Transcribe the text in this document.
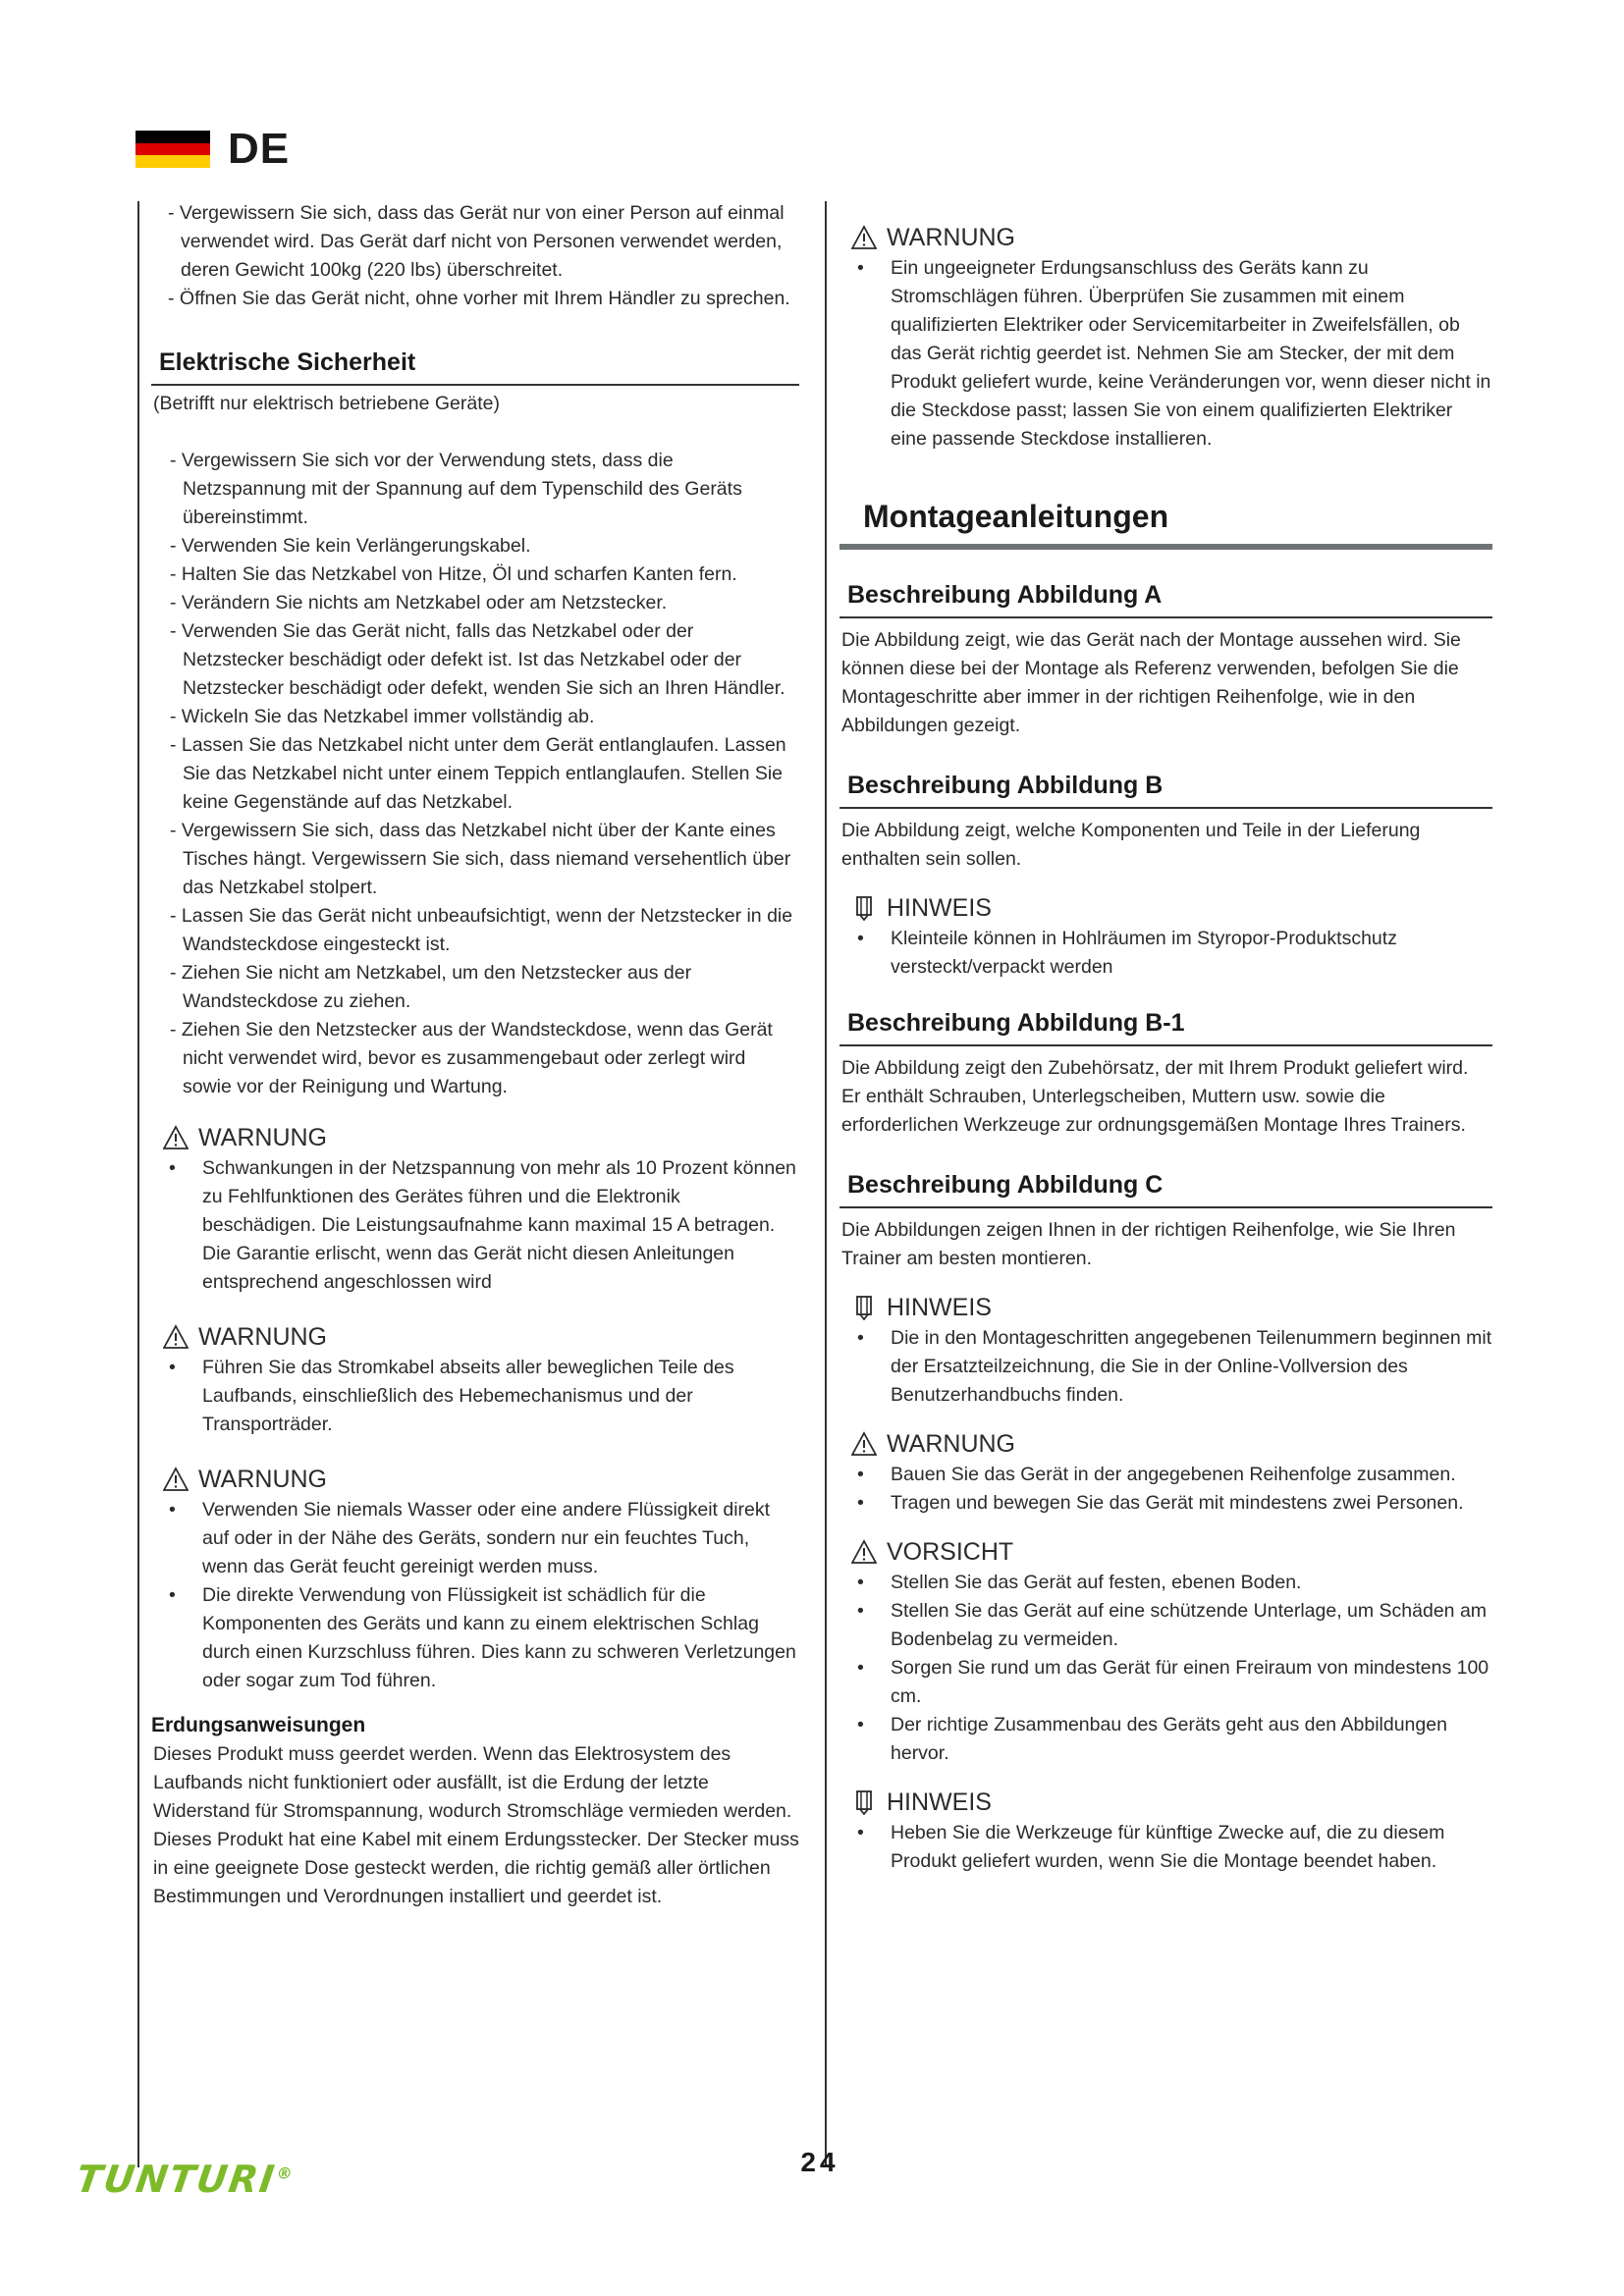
DE

- Vergewissern Sie sich, dass das Gerät nur von einer Person auf einmal verwendet wird. Das Gerät darf nicht von Personen verwendet werden, deren Gewicht 100kg (220 lbs) überschreitet.

- Öffnen Sie das Gerät nicht, ohne vorher mit Ihrem Händler zu sprechen.

Elektrische Sicherheit

(Betrifft nur elektrisch betriebene Geräte)

- Vergewissern Sie sich vor der Verwendung stets, dass die Netzspannung mit der Spannung auf dem Typenschild des Geräts übereinstimmt.

- Verwenden Sie kein Verlängerungskabel.

- Halten Sie das Netzkabel von Hitze, Öl und scharfen Kanten fern.

- Verändern Sie nichts am Netzkabel oder am Netzstecker.

- Verwenden Sie das Gerät nicht, falls das Netzkabel oder der Netzstecker beschädigt oder defekt ist. Ist das Netzkabel oder der Netzstecker beschädigt oder defekt, wenden Sie sich an Ihren Händler.

- Wickeln Sie das Netzkabel immer vollständig ab.

- Lassen Sie das Netzkabel nicht unter dem Gerät entlanglaufen. Lassen Sie das Netzkabel nicht unter einem Teppich entlanglaufen. Stellen Sie keine Gegenstände auf das Netzkabel.

- Vergewissern Sie sich, dass das Netzkabel nicht über der Kante eines Tisches hängt. Vergewissern Sie sich, dass niemand versehentlich über das Netzkabel stolpert.

- Lassen Sie das Gerät nicht unbeaufsichtigt, wenn der Netzstecker in die Wandsteckdose eingesteckt ist.

- Ziehen Sie nicht am Netzkabel, um den Netzstecker aus der Wandsteckdose zu ziehen.

- Ziehen Sie den Netzstecker aus der Wandsteckdose, wenn das Gerät nicht verwendet wird, bevor es zusammengebaut oder zerlegt wird sowie vor der Reinigung und Wartung.

WARNUNG

• Schwankungen in der Netzspannung von mehr als 10 Prozent können zu Fehlfunktionen des Gerätes führen und die Elektronik beschädigen. Die Leistungsaufnahme kann maximal 15 A betragen. Die Garantie erlischt, wenn das Gerät nicht diesen Anleitungen entsprechend angeschlossen wird

WARNUNG

• Führen Sie das Stromkabel abseits aller beweglichen Teile des Laufbands, einschließlich des Hebemechanismus und der Transporträder.

WARNUNG

• Verwenden Sie niemals Wasser oder eine andere Flüssigkeit direkt auf oder in der Nähe des Geräts, sondern nur ein feuchtes Tuch, wenn das Gerät feucht gereinigt werden muss.

• Die direkte Verwendung von Flüssigkeit ist schädlich für die Komponenten des Geräts und kann zu einem elektrischen Schlag durch einen Kurzschluss führen. Dies kann zu schweren Verletzungen oder sogar zum Tod führen.

Erdungsanweisungen

Dieses Produkt muss geerdet werden. Wenn das Elektrosystem des Laufbands nicht funktioniert oder ausfällt, ist die Erdung der letzte Widerstand für Stromspannung, wodurch Stromschläge vermieden werden. Dieses Produkt hat eine Kabel mit einem Erdungsstecker. Der Stecker muss in eine geeignete Dose gesteckt werden, die richtig gemäß aller örtlichen Bestimmungen und Verordnungen installiert und geerdet ist.

WARNUNG

• Ein ungeeigneter Erdungsanschluss des Geräts kann zu Stromschlägen führen. Überprüfen Sie zusammen mit einem qualifizierten Elektriker oder Servicemitarbeiter in Zweifelsfällen, ob das Gerät richtig geerdet ist. Nehmen Sie am Stecker, der mit dem Produkt geliefert wurde, keine Veränderungen vor, wenn dieser nicht in die Steckdose passt; lassen Sie von einem qualifizierten Elektriker eine passende Steckdose installieren.

Montageanleitungen
Beschreibung Abbildung A

Die Abbildung zeigt, wie das Gerät nach der Montage aussehen wird. Sie können diese bei der Montage als Referenz verwenden, befolgen Sie die Montageschritte aber immer in der richtigen Reihenfolge, wie in den Abbildungen gezeigt.

Beschreibung Abbildung B

Die Abbildung zeigt, welche Komponenten und Teile in der Lieferung enthalten sein sollen.

HINWEIS

• Kleinteile können in Hohlräumen im Styropor-Produktschutz versteckt/verpackt werden

Beschreibung Abbildung B-1

Die Abbildung zeigt den Zubehörsatz, der mit Ihrem Produkt geliefert wird.

Er enthält Schrauben, Unterlegscheiben, Muttern usw. sowie die erforderlichen Werkzeuge zur ordnungsgemäßen Montage Ihres Trainers.

Beschreibung Abbildung C

Die Abbildungen zeigen Ihnen in der richtigen Reihenfolge, wie Sie Ihren Trainer am besten montieren.

HINWEIS

• Die in den Montageschritten angegebenen Teilenummern beginnen mit der Ersatzteilzeichnung, die Sie in der Online-Vollversion des Benutzerhandbuchs finden.

WARNUNG

• Bauen Sie das Gerät in der angegebenen Reihenfolge zusammen.

• Tragen und bewegen Sie das Gerät mit mindestens zwei Personen.

VORSICHT

• Stellen Sie das Gerät auf festen, ebenen Boden.

• Stellen Sie das Gerät auf eine schützende Unterlage, um Schäden am Bodenbelag zu vermeiden.

• Sorgen Sie rund um das Gerät für einen Freiraum von mindestens 100 cm.

• Der richtige Zusammenbau des Geräts geht aus den Abbildungen hervor.

HINWEIS

• Heben Sie die Werkzeuge für künftige Zwecke auf, die zu diesem Produkt geliefert wurden, wenn Sie die Montage beendet haben.

TUNTURI®	24
